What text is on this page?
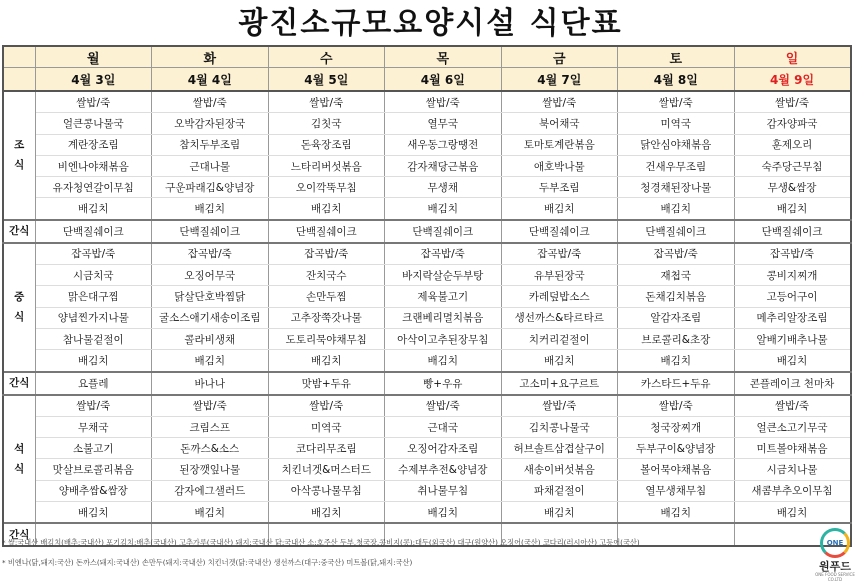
광진소규모요양시설 식단표
	월	화	수	목	금	토	일
	4월 3일	4월 4일	4월 5일	4월 6일	4월 7일	4월 8일	4월 9일

조
식	쌀밥/죽	쌀밥/죽	쌀밥/죽	쌀밥/죽	쌀밥/죽	쌀밥/죽	쌀밥/죽
	얼큰콩나물국	오박감자된장국	김칫국	열무국	북어채국	미역국	감자양파국
	계란장조림	참치두부조림	돈육장조림	새우동그랑땡전	토마토계란볶음	닭안심야채볶음	훈제오리
	비엔나야채볶음	근대나물	느타리버섯볶음	감자채당근볶음	애호박나물	건새우무조림	숙주당근무침
	유자청연갈이무침	구운파래김&양념장	오이깍뚝무침	무생채	두부조림	청경채된장나물	무생&쌈장
	배김치	배김치	배김치	배김치	배김치	배김치	배김치
간식	단백질쉐이크	단백질쉐이크	단백질쉐이크	단백질쉐이크	단백질쉐이크	단백질쉐이크	단백질쉐이크

중
식	잡곡밥/죽	잡곡밥/죽	잡곡밥/죽	잡곡밥/죽	잡곡밥/죽	잡곡밥/죽	잡곡밥/죽
	시금치국	오징어무국	잔치국수	바지락살순두부탕	유부된장국	재첩국	콩비지찌개
	맑은대구찜	닭살단호박찜닭	손만두찜	제육불고기	카레덮밥소스	돈채김치볶음	고등어구이
	양념찐가지나물	굴소스애기새송이조림	고추장쭉갓나물	크랜베리멸치볶음	생선까스&타르타르	알감자조림	메추리알장조림
	참나물겉절이	콜라비생채	도토리묵야채무침	아삭이고추된장무침	치커리겉절이	브로콜리&초장	알배기배추나물
	배김치	배김치	배김치	배김치	배김치	배김치	배김치
간식	요플레	바나나	맛밤+두유	빵+우유	고소미+요구르트	카스타드+두유	콘플레이크 천마차

석
식	쌀밥/죽	쌀밥/죽	쌀밥/죽	쌀밥/죽	쌀밥/죽	쌀밥/죽	쌀밥/죽
	무채국	크림스프	미역국	근대국	김치콩나물국	청국장찌개	얼큰소고기무국
	소불고기	돈까스&소스	코다리무조림	오징어감자조림	허브솔트삼겹살구이	두부구이&양념장	미트볼야채볶음
	맛살브로콜리볶음	된장깻잎나물	치킨너겟&머스터드	수제부추전&양념장	새송이버섯볶음	볼어묵야채볶음	시금치나물
	양배추쌈&쌈장	감자에그샐러드	아삭콩나물무침	취나물무침	파채겉절이	열무생채무침	새콤부추오이무침
	배김치	배김치	배김치	배김치	배김치	배김치	배김치
간식							
* 쌀:국내산 배김치(배추:국내산) 포기김치:배추(국내산) 고추가루(국내산) 돼지:국내산 닭:국내산 소:호주산 두부,청국장,콩비지(콩):대두(외국산) 대구(원양산) 오징어(국산) 코다리(러시아산) 고등어(국산)
* 비엔나(닭,돼지:국산) 돈까스(돼지:국내산) 손만두(돼지:국내산) 치킨너겟(닭:국내산) 생선까스(대구:중국산) 미트볼(닭,돼지:국산)
ONE
원푸드
ONE FOOD SERVICE CO.LTD
